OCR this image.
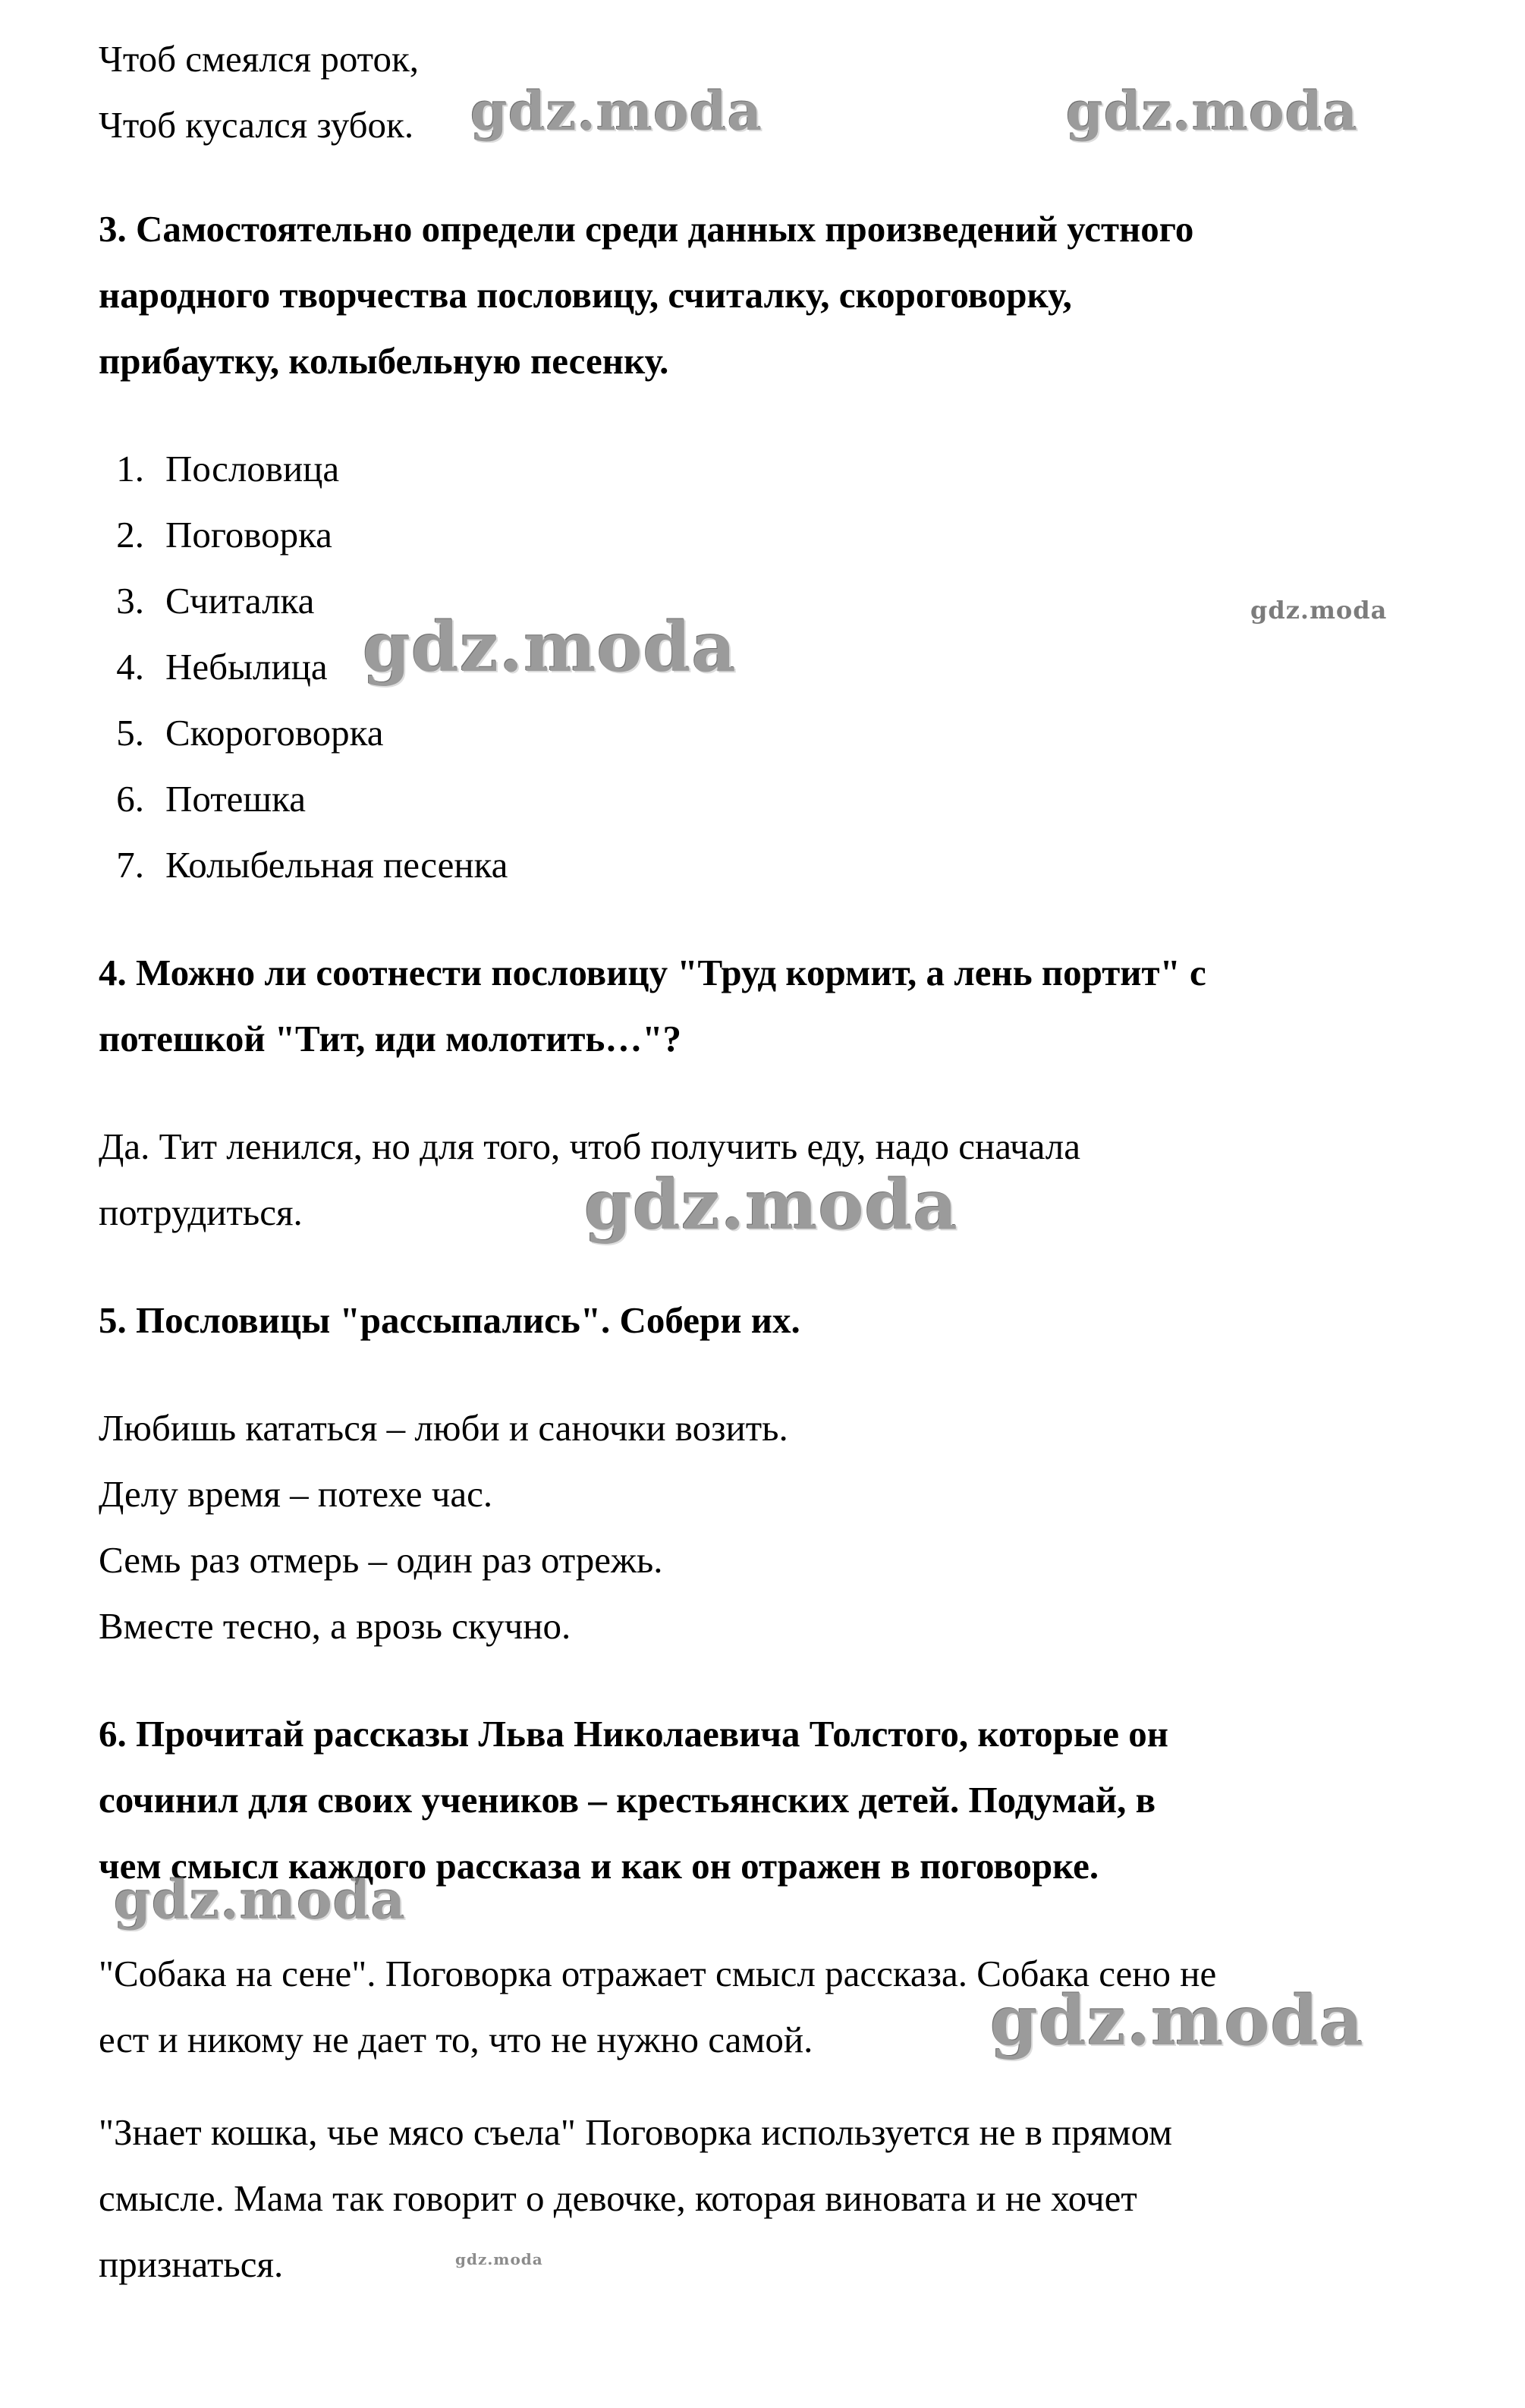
Чтоб смеялся роток,
Чтоб кусался зубок.
3. Самостоятельно определи среди данных произведений устного
народного творчества пословицу, считалку, скороговорку,
прибаутку, колыбельную песенку.
1. Пословица
2. Поговорка
3. Считалка
4. Небылица
5. Скороговорка
6. Потешка
7. Колыбельная песенка
4. Можно ли соотнести пословицу "Труд кормит, а лень портит" с
потешкой "Тит, иди молотить…"?
Да. Тит ленился, но для того, чтоб получить еду, надо сначала
потрудиться.
5. Пословицы "рассыпались". Собери их.
Любишь кататься – люби и саночки возить.
Делу время – потехе час.
Семь раз отмерь – один раз отрежь.
Вместе тесно, а врозь скучно.
6. Прочитай рассказы Льва Николаевича Толстого, которые он
сочинил для своих учеников – крестьянских детей. Подумай, в
чем смысл каждого рассказа и как он отражен в поговорке.
"Собака на сене". Поговорка отражает смысл рассказа. Собака сено не
ест и никому не дает то, что не нужно самой.
"Знает кошка, чье мясо съела" Поговорка используется не в прямом
смысле. Мама так говорит о девочке, которая виновата и не хочет
признаться.
gdz.moda	gdz.moda
gdz.moda
gdz.moda
gdz.moda
gdz.moda
gdz.moda
gdz.moda
